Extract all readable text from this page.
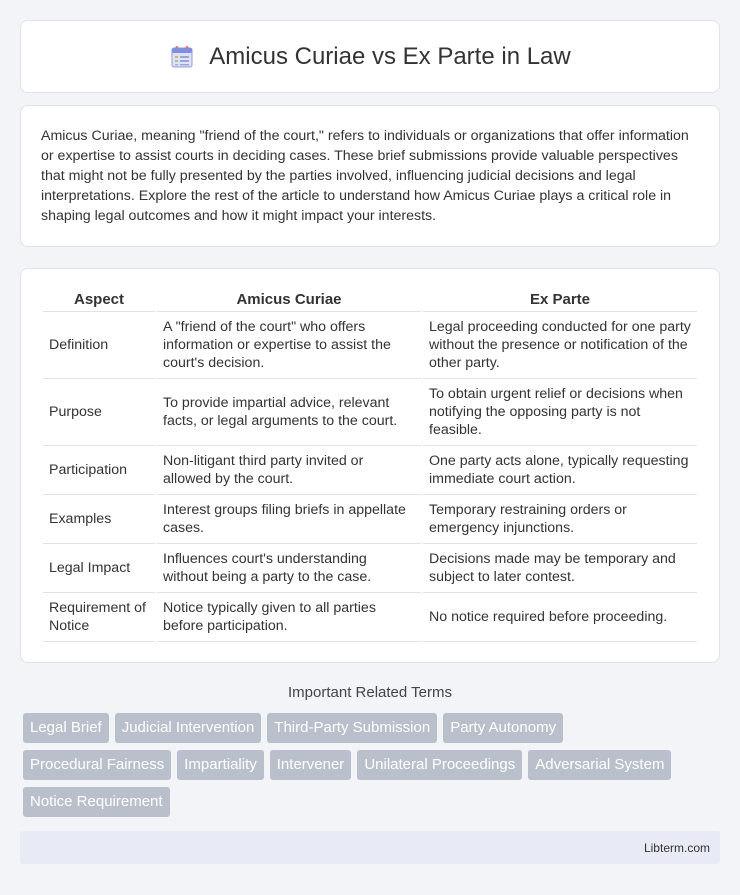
Amicus Curiae vs Ex Parte in Law

Amicus Curiae, meaning "friend of the court," refers to individuals or organizations that offer information or expertise to assist courts in deciding cases. These brief submissions provide valuable perspectives that might not be fully presented by the parties involved, influencing judicial decisions and legal interpretations. Explore the rest of the article to understand how Amicus Curiae plays a critical role in shaping legal outcomes and how it might impact your interests.

Aspect	Amicus Curiae	Ex Parte
Definition	A "friend of the court" who offers information or expertise to assist the court's decision.	Legal proceeding conducted for one party without the presence or notification of the other party.
Purpose	To provide impartial advice, relevant facts, or legal arguments to the court.	To obtain urgent relief or decisions when notifying the opposing party is not feasible.
Participation	Non-litigant third party invited or allowed by the court.	One party acts alone, typically requesting immediate court action.
Examples	Interest groups filing briefs in appellate cases.	Temporary restraining orders or emergency injunctions.
Legal Impact	Influences court's understanding without being a party to the case.	Decisions made may be temporary and subject to later contest.
Requirement of Notice	Notice typically given to all parties before participation.	No notice required before proceeding.
Important Related Terms
Legal Brief	Judicial Intervention	Third-Party Submission	Party Autonomy
Procedural Fairness	Impartiality	Intervener	Unilateral Proceedings	Adversarial System
Notice Requirement
Libterm.com
